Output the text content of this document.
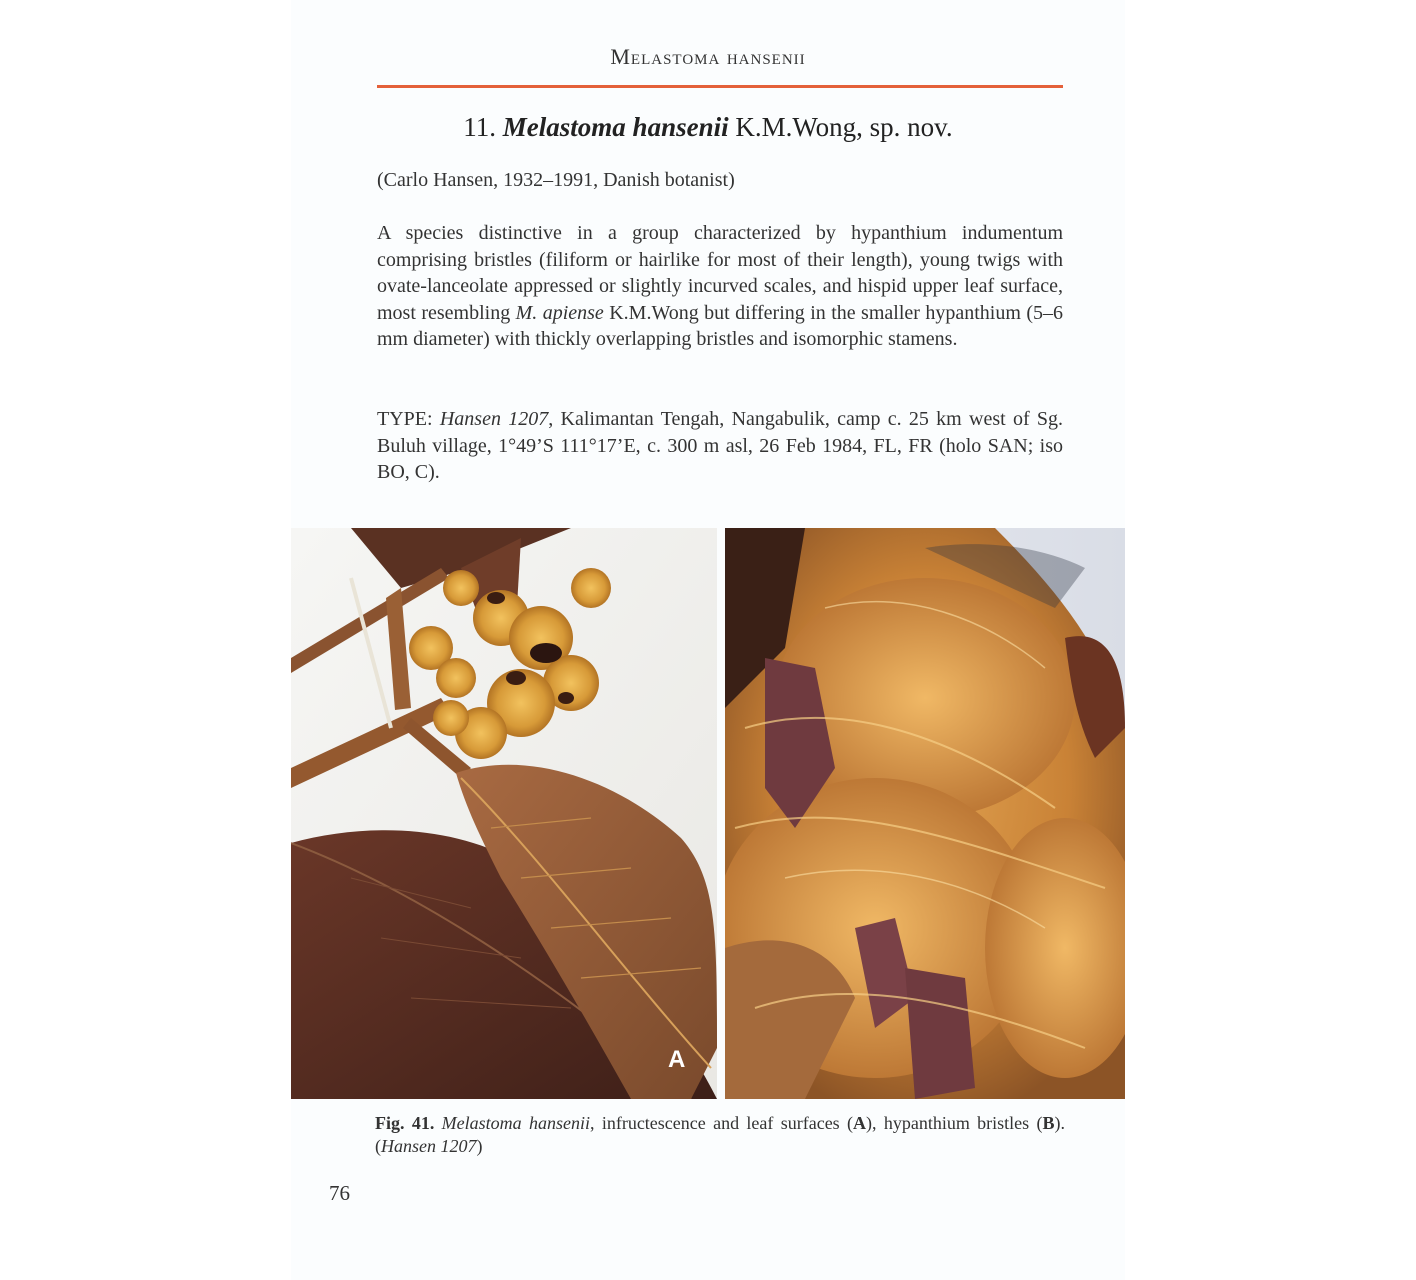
Melastoma hansenii
11. Melastoma hansenii K.M.Wong, sp. nov.
(Carlo Hansen, 1932–1991, Danish botanist)
A species distinctive in a group characterized by hypanthium indumentum comprising bristles (filiform or hairlike for most of their length), young twigs with ovate-lanceolate appressed or slightly incurved scales, and hispid upper leaf surface, most resembling M. apiense K.M.Wong but differing in the smaller hypanthium (5–6 mm diameter) with thickly overlapping bristles and isomorphic stamens.
TYPE: Hansen 1207, Kalimantan Tengah, Nangabulik, camp c. 25 km west of Sg. Buluh village, 1°49’S 111°17’E, c. 300 m asl, 26 Feb 1984, FL, FR (holo SAN; iso BO, C).
A
Fig. 41. Melastoma hansenii, infructescence and leaf surfaces (A), hypanthium bristles (B). (Hansen 1207)
76
